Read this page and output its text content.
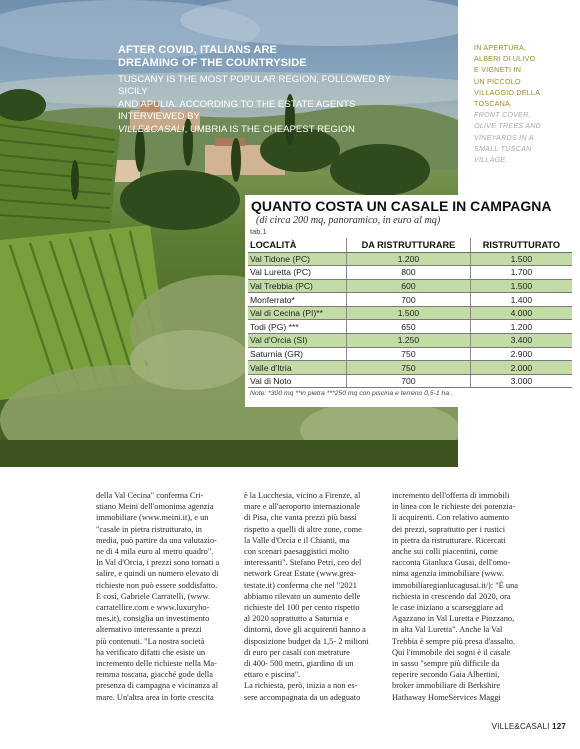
AFTER COVID, ITALIANS ARE
DREAMING OF THE COUNTRYSIDE
TUSCANY IS THE MOST POPULAR REGION, FOLLOWED BY SICILY
AND APULIA. ACCORDING TO THE ESTATE AGENTS INTERVIEWED BY
VILLE&CASALI, UMBRIA IS THE CHEAPEST REGION
IN APERTURA,
ALBERI DI ULIVO
E VIGNETI IN
UN PICCOLO
VILLAGGIO DELLA
TOSCANA.
FRONT COVER,
OLIVE TREES AND
VINEYARDS IN A
SMALL TUSCAN
VILLAGE.
QUANTO COSTA UN CASALE IN CAMPAGNA
(di circa 200 mq, panoramico, in euro al mq)
tab.1
LOCALITÀ	DA RISTRUTTURARE	RISTRUTTURATO
Val Tidone (PC)	1.200	1.500
Val Luretta (PC)	800	1.700
Val Trebbia (PC)	600	1.500
Monferrato*	700	1.400
Val di Cecina (PI)**	1.500	4.000
Todi (PG) ***	650	1.200
Val d'Orcia (SI)	1.250	3.400
Saturnia (GR)	750	2.900
Valle d'Itria	750	2.000
Val di Noto	700	3.000
Note: *300 mq **in pietra ***250 mq con piscina e terreno 0,5-1 ha .

della Val Cecina" conferma Cri-

stiano Meini dell'omonima agenzia

immobiliare (www.meini.it), e un

"casale in pietra ristrutturato, in

media, può partire da una valutazio-

ne di 4 mila euro al metro quadro".

In Val d'Orcia, i prezzi sono tornati a

salire, e quindi un numero elevato di

richieste non può essere soddisfatto.

E così, Gabriele Carratelli, (www.

carratellire.com e www.luxuryho-

mes.it), consiglia un investimento

alternativo interessante a prezzi

più contenuti. "La nostra società

ha verificato difatti che esiste un

incremento delle richieste nella Ma-

remma toscana, giacché gode della

presenza di campagna e vicinanza al

mare. Un'altra area in forte crescita

è la Lucchesia, vicino a Firenze, al

mare e all'aeroporto internazionale

di Pisa, che vanta prezzi più bassi

rispetto a quelli di altre zone, come

la Valle d'Orcia e il Chianti, ma

con scenari paesaggistici molto

interessanti". Stefano Petri, ceo del

network Great Estate (www.grea-

testate.it) conferma che nel "2021

abbiamo rilevato un aumento delle

richieste del 100 per cento rispetto

al 2020 soprattutto a Saturnia e

dintorni, dove gli acquirenti hanno a

disposizione budget da 1,5- 2 milioni

di euro per casali con metrature

di 400- 500 metri, giardino di un

ettaro e piscina".

La richiesta, però, inizia a non es-

sere accompagnata da un adeguato

incremento dell'offerta di immobili

in linea con le richieste dei potenzia-

li acquirenti. Con relativo aumento

dei prezzi, soprattutto per i rustici

in pietra da ristrutturare. Ricercati

anche sui colli piacentini, come

racconta Gianluca Gusai, dell'omo-

nima agenzia immobiliare (www.

immobiliaregianlucagusai.it/): "È una

richiesta in crescendo dal 2020, ora

le case iniziano a scarseggiare ad

Agazzano in Val Luretta e Piozzano,

in alta Val Luretta". Anche la Val

Trebbia è sempre più presa d'assalto.

Qui l'immobile dei sogni è il casale

in sasso "sempre più difficile da

reperire secondo Gaia Albertini,

broker immobiliare di Berkshire

Hathaway HomeServices Maggi

VILLE&CASALI 127
